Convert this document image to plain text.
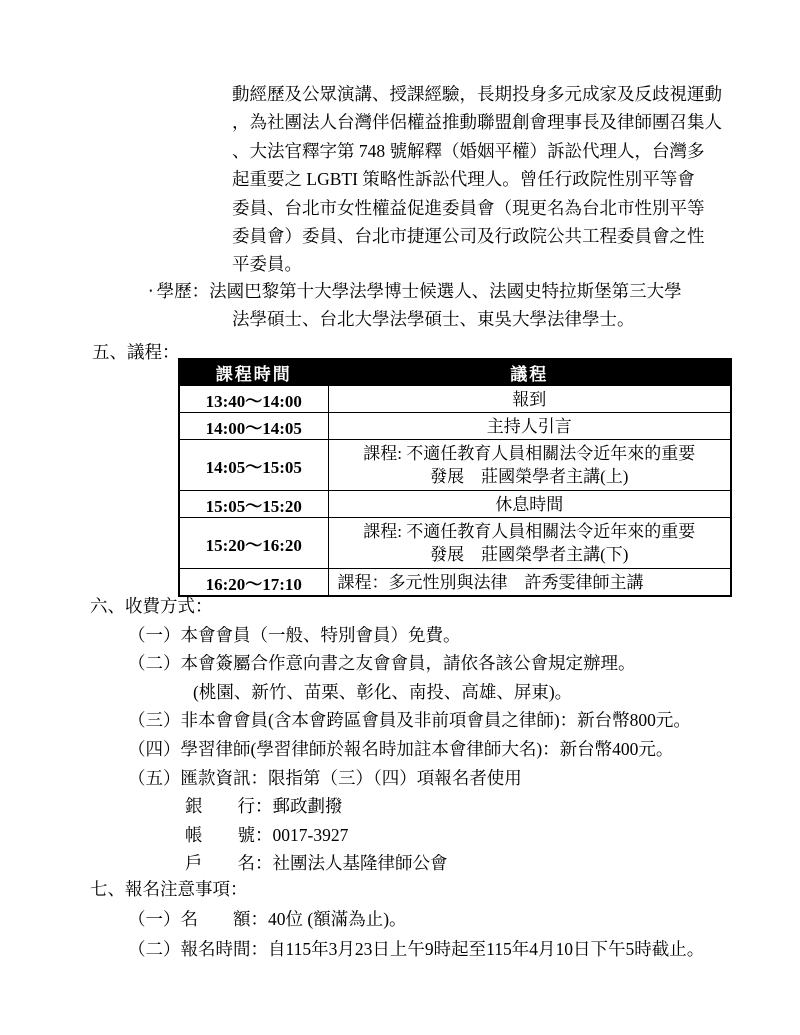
動經歷及公眾演講、授課經驗，長期投身多元成家及反歧視運動
，為社團法人台灣伴侶權益推動聯盟創會理事長及律師團召集人
、大法官釋字第 748 號解釋（婚姻平權）訴訟代理人，台灣多
起重要之 LGBTI 策略性訴訟代理人。曾任行政院性別平等會
委員、台北市女性權益促進委員會（現更名為台北市性別平等
委員會）委員、台北市捷運公司及行政院公共工程委員會之性
平委員。
‧ 學歷：法國巴黎第十大學法學博士候選人、法國史特拉斯堡第三大學
法學碩士、台北大學法學碩士、東吳大學法律學士。
五、議程：
課程時間	議程
13:40～14:00	報到

14:00～14:05	主持人引言

14:05～15:05	課程: 不適任教育人員相關法令近年來的重要
發展　莊國榮學者主講(上)

15:05～15:20	休息時間

15:20～16:20	課程: 不適任教育人員相關法令近年來的重要
發展　莊國榮學者主講(下)

16:20～17:10	課程：多元性別與法律　許秀雯律師主講
六、收費方式：
（一）本會會員（一般、特別會員）免費。
（二）本會簽屬合作意向書之友會會員，請依各該公會規定辦理。
(桃園、新竹、苗栗、彰化、南投、高雄、屏東)。
（三）非本會會員(含本會跨區會員及非前項會員之律師)：新台幣800元。
（四）學習律師(學習律師於報名時加註本會律師大名)：新台幣400元。
（五）匯款資訊：限指第（三）（四）項報名者使用
銀　　行：郵政劃撥
帳　　號：0017-3927
戶　　名：社團法人基隆律師公會
七、報名注意事項：
（一）名　　額：40位 (額滿為止)。
（二）報名時間：自115年3月23日上午9時起至115年4月10日下午5時截止。
